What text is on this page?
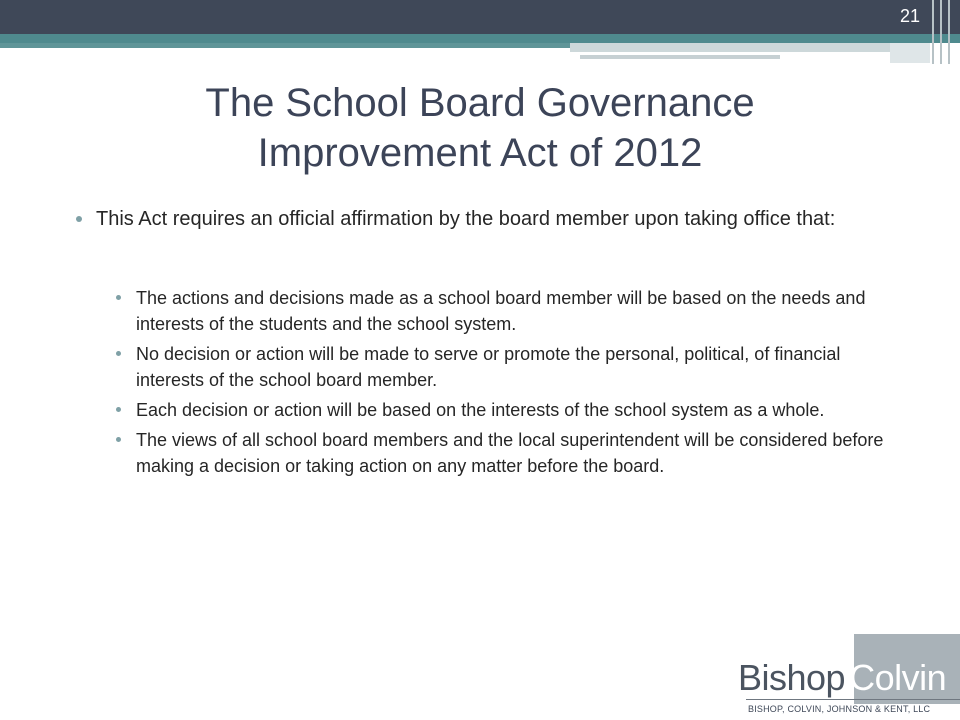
21
The School Board Governance
Improvement Act of 2012
This Act requires an official affirmation by the board member upon taking office that:
The actions and decisions made as a school board member will be based on the needs and interests of the students and the school system.
No decision or action will be made to serve or promote the personal, political, of financial interests of the school board member.
Each decision or action will be based on the interests of the school system as a whole.
The views of all school board members and the local superintendent will be considered before making a decision or taking action on any matter before the board.
Bishop Colvin
BISHOP, COLVIN, JOHNSON & KENT, LLC
